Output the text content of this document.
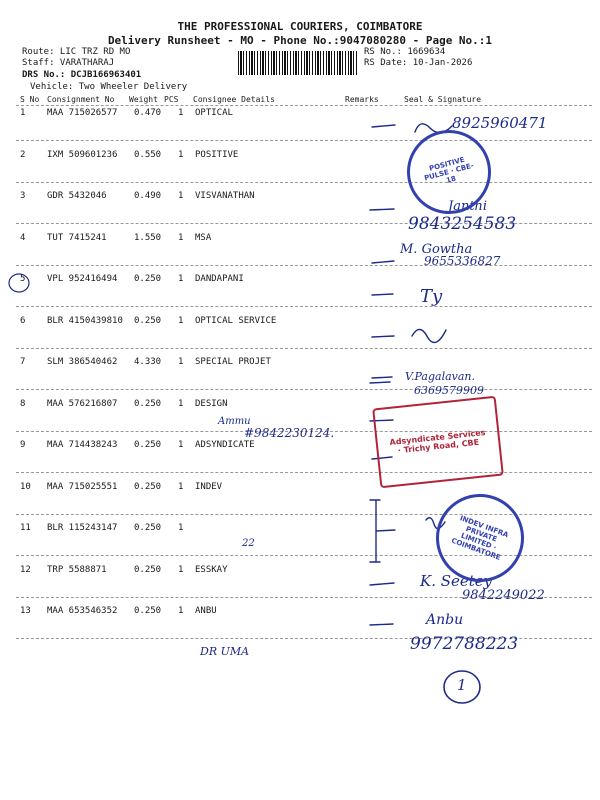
THE PROFESSIONAL COURIERS, COIMBATORE
Delivery Runsheet - MO - Phone No.:9047080280 - Page No.:1
Route: LIC TRZ RD MO
Staff: VARATHARAJ
DRS No.: DCJB166963401
Vehicle: Two Wheeler Delivery
RS No.: 1669634
RS Date: 10-Jan-2026
S No Consignment No Weight PCS Consignee Details	Remarks	Seal & Signature
1 MAA 715026577 0.470 1 OPTICAL
2 IXM 509601236 0.550 1 POSITIVE
3 GDR 5432046	0.490 1 VISVANATHAN
4 TUT 7415241	1.550 1 MSA
5 VPL 952416494 0.250 1 DANDAPANI
6 BLR 4150439810 0.250 1 OPTICAL SERVICE
7 SLM 386540462 4.330 1 SPECIAL PROJET
8 MAA 576216807 0.250 1 DESIGN
9 MAA 714438243 0.250 1 ADSYNDICATE
10 MAA 715025551 0.250 1 INDEV
11 BLR 115243147 0.250 1
12 TRP 5588871	0.250 1 ESSKAY
13 MAA 653546352 0.250 1 ANBU
8925960471
Janthi
9843254583
M. Gowtha
9655336827
Ty
V.Pagalavan.
6369579909
Ammu
#9842230124.
22
K. Seetey
9842249022
Anbu
9972788223
DR UMA
1
POSITIVE PULSE · CBE-18
Adsyndicate Services · Trichy Road, CBE
INDEV INFRA PRIVATE LIMITED · COIMBATORE
